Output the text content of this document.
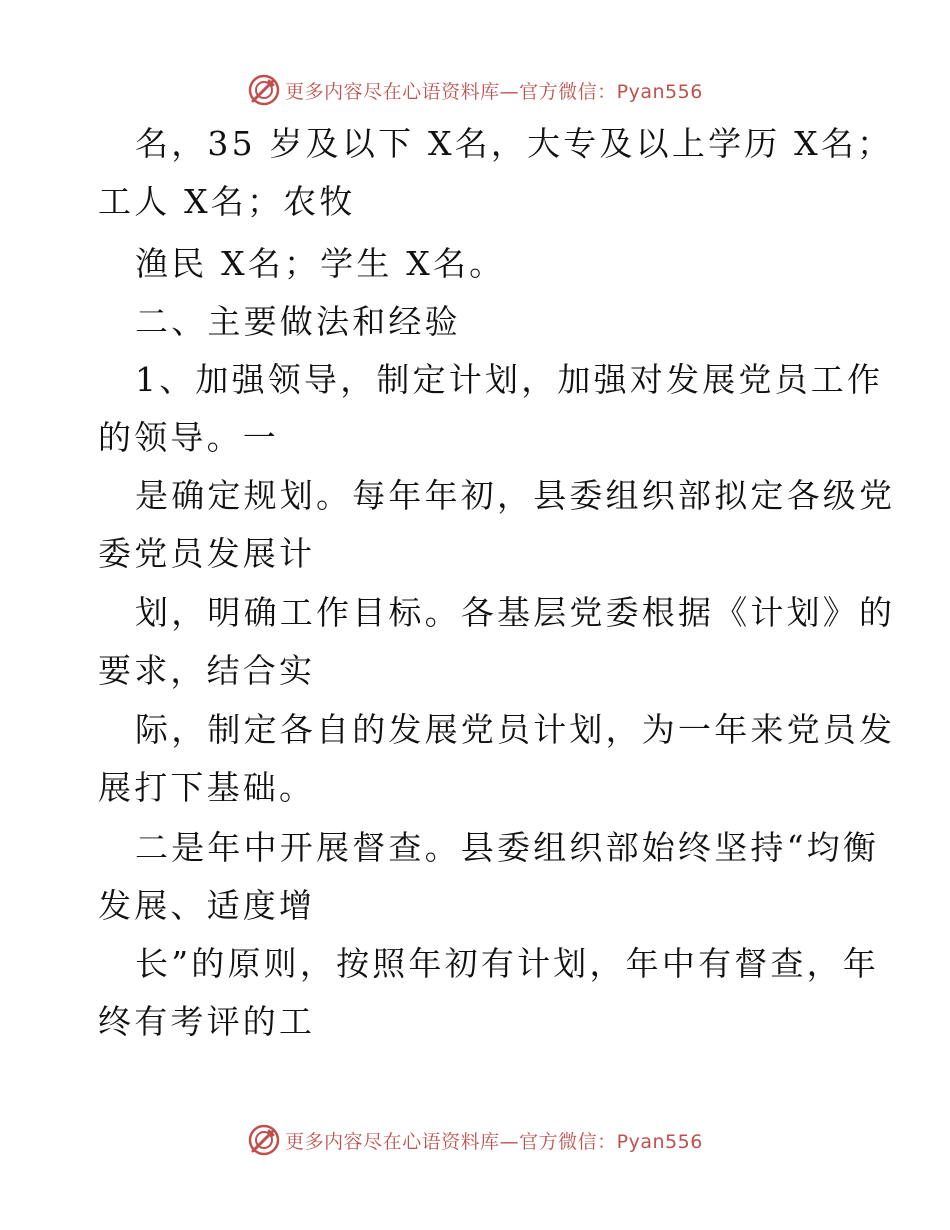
更多内容尽在心语资料库—官方微信：Pyan556
名，35 岁及以下 X名，大专及以上学历 X名；
工人 X名；农牧
渔民 X名；学生 X名。
二、主要做法和经验
1、加强领导，制定计划，加强对发展党员工作
的领导。一
是确定规划。每年年初，县委组织部拟定各级党
委党员发展计
划，明确工作目标。各基层党委根据《计划》的
要求，结合实
际，制定各自的发展党员计划，为一年来党员发
展打下基础。
二是年中开展督查。县委组织部始终坚持“均衡
发展、适度增
长”的原则，按照年初有计划，年中有督查，年
终有考评的工
更多内容尽在心语资料库—官方微信：Pyan556
